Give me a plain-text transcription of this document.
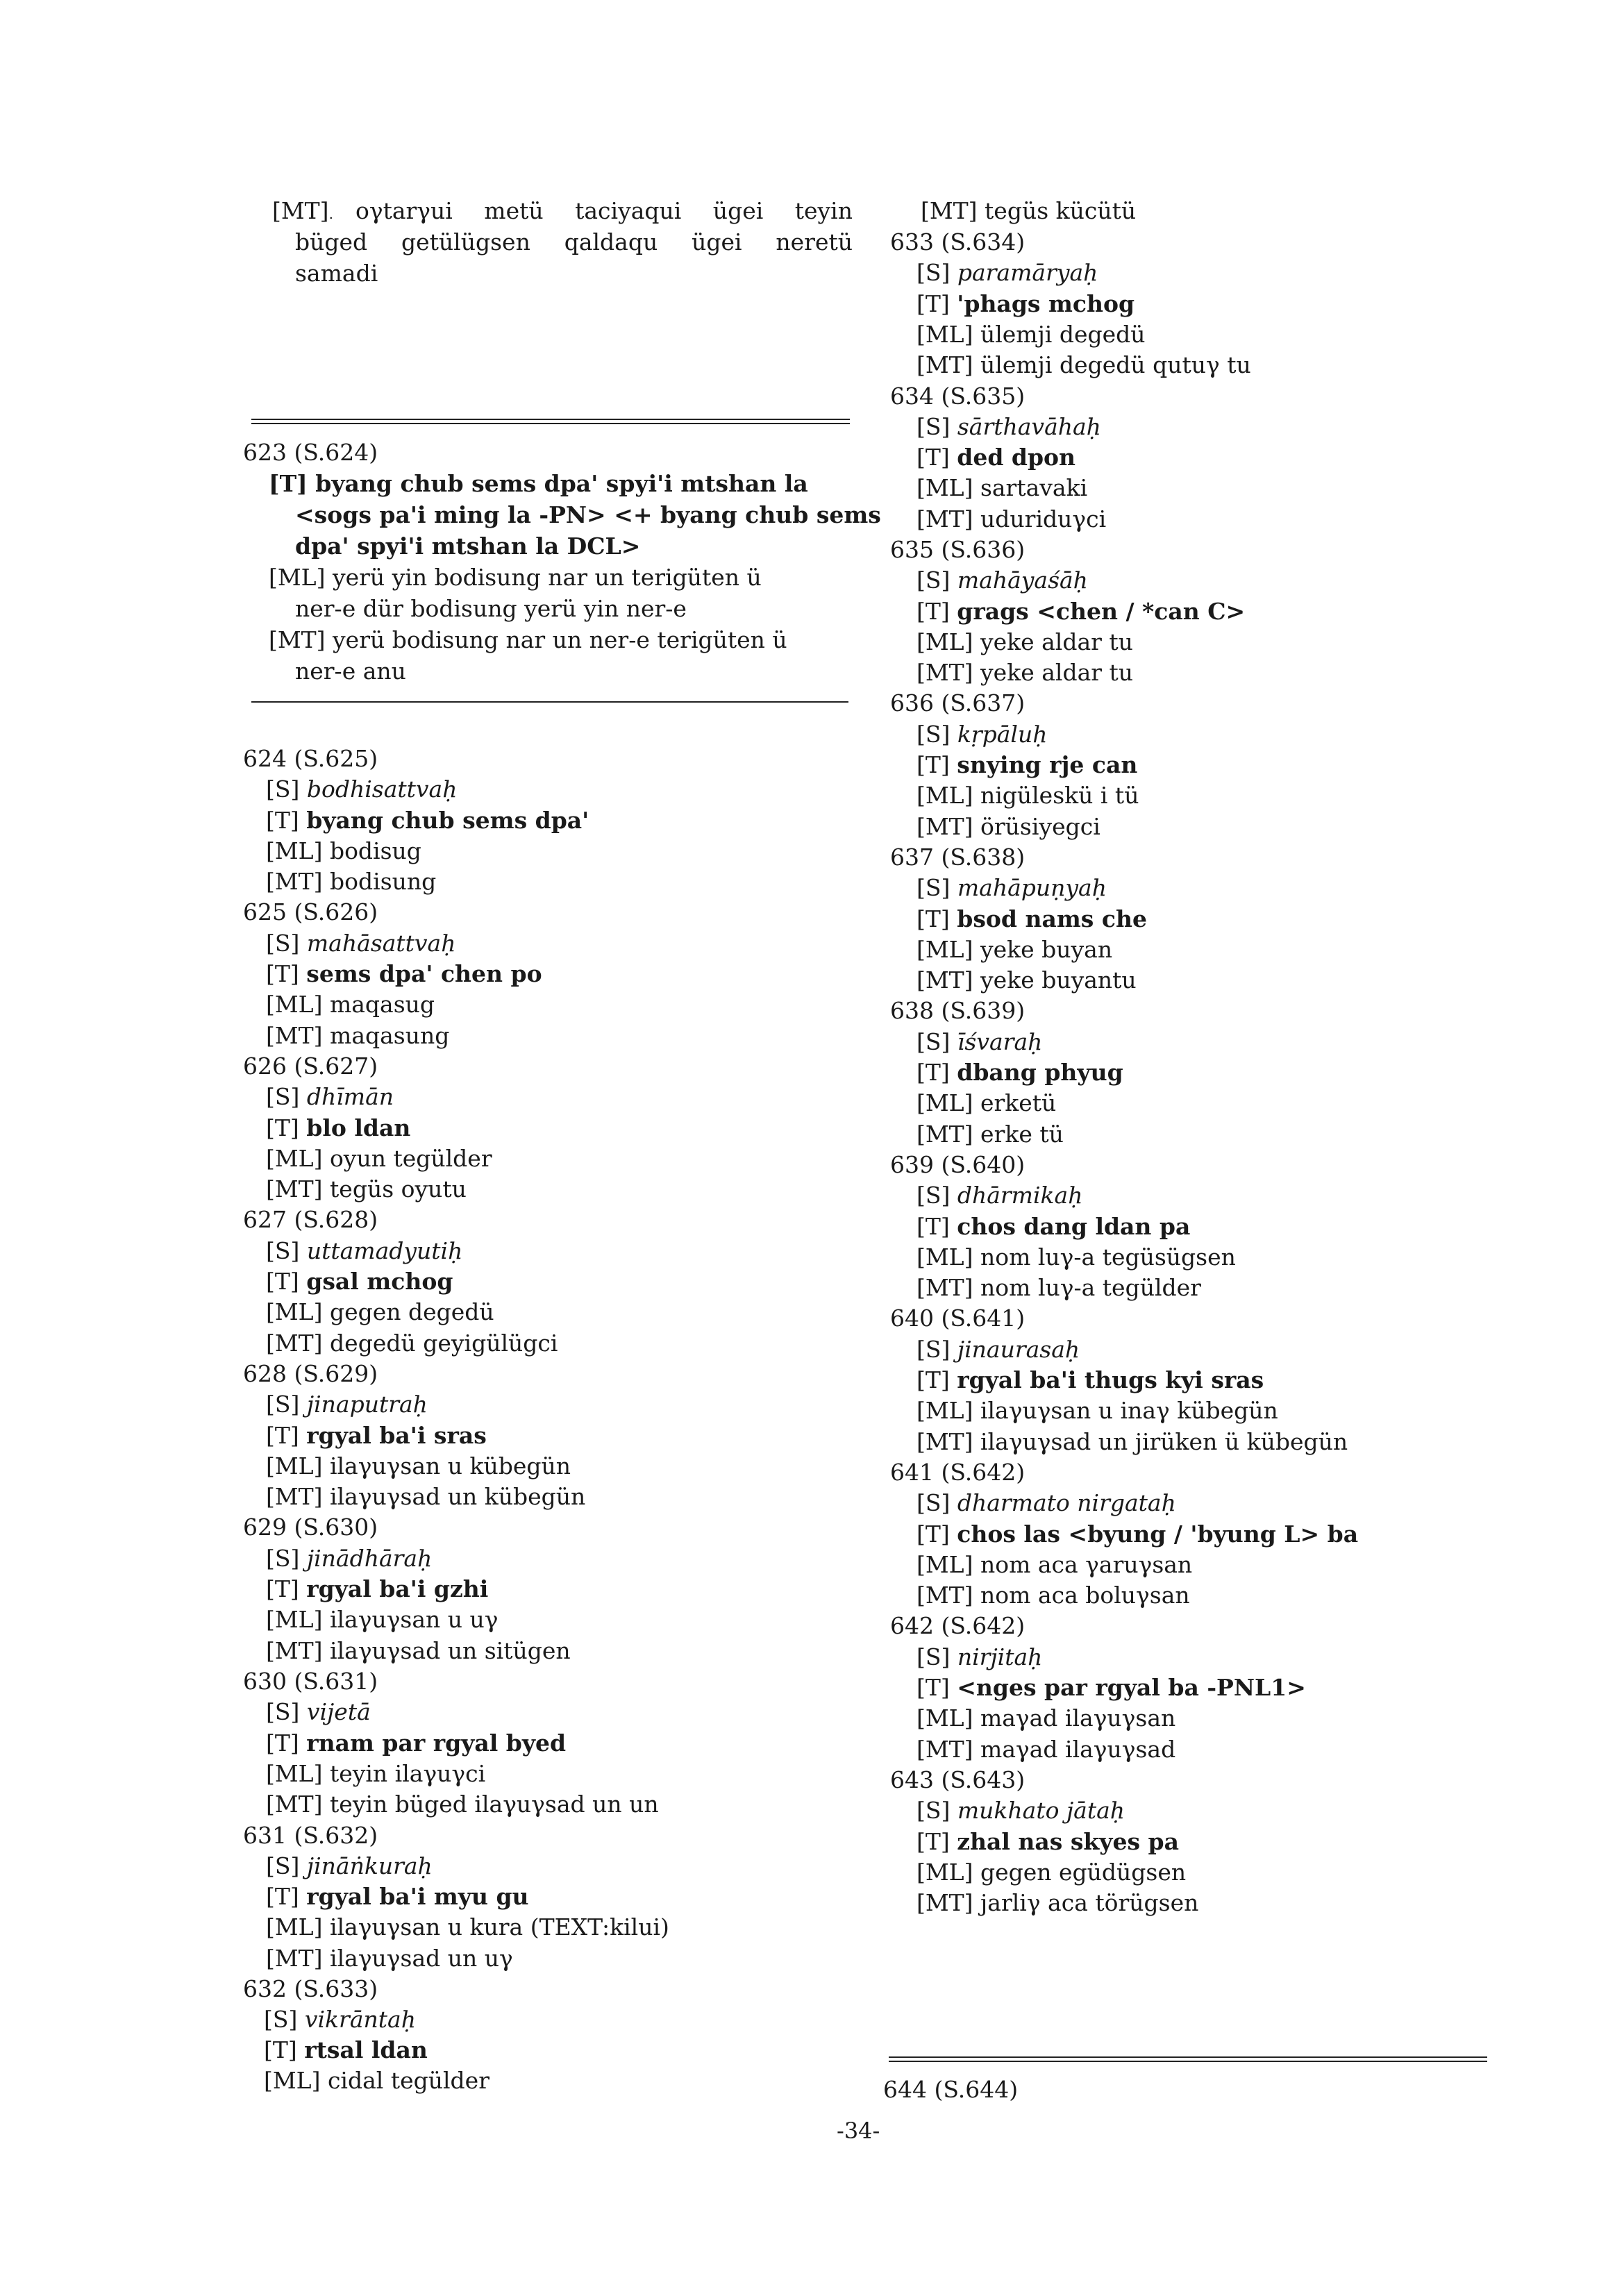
[MT]. oγtarγui metü taciyaqui ügei teyin
büged getülügsen qaldaqu ügei neretü
samadi
623 (S.624)
[T] byang chub sems dpa' spyi'i mtshan la
<sogs pa'i ming la -PN> <+ byang chub sems
dpa' spyi'i mtshan la DCL>
[ML] yerü yin bodisung nar un terigüten ü
ner-e dür bodisung yerü yin ner-e
[MT] yerü bodisung nar un ner-e terigüten ü
ner-e anu
624 (S.625)
[S] bodhisattvaḥ
[T] byang chub sems dpa'
[ML] bodisug
[MT] bodisung
625 (S.626)
[S] mahāsattvaḥ
[T] sems dpa' chen po
[ML] maqasug
[MT] maqasung
626 (S.627)
[S] dhīmān
[T] blo ldan
[ML] oyun tegülder
[MT] tegüs oyutu
627 (S.628)
[S] uttamadyutiḥ
[T] gsal mchog
[ML] gegen degedü
[MT] degedü geyigülügci
628 (S.629)
[S] jinaputraḥ
[T] rgyal ba'i sras
[ML] ilaγuγsan u kübegün
[MT] ilaγuγsad un kübegün
629 (S.630)
[S] jinādhāraḥ
[T] rgyal ba'i gzhi
[ML] ilaγuγsan u uγ
[MT] ilaγuγsad un sitügen
630 (S.631)
[S] vijetā
[T] rnam par rgyal byed
[ML] teyin ilaγuγci
[MT] teyin büged ilaγuγsad un un
631 (S.632)
[S] jināṅkuraḥ
[T] rgyal ba'i myu gu
[ML] ilaγuγsan u kura (TEXT:kilui)
[MT] ilaγuγsad un uγ
632 (S.633)
[S] vikrāntaḥ
[T] rtsal ldan
[ML] cidal tegülder
[MT] tegüs kücütü
633 (S.634)
[S] paramāryaḥ
[T] 'phags mchog
[ML] ülemji degedü
[MT] ülemji degedü qutuγ tu
634 (S.635)
[S] sārthavāhaḥ
[T] ded dpon
[ML] sartavaki
[MT] uduriduγci
635 (S.636)
[S] mahāyaśāḥ
[T] grags <chen / *can C>
[ML] yeke aldar tu
[MT] yeke aldar tu
636 (S.637)
[S] kṛpāluḥ
[T] snying rje can
[ML] nigüleskü i tü
[MT] örüsiyegci
637 (S.638)
[S] mahāpuṇyaḥ
[T] bsod nams che
[ML] yeke buyan
[MT] yeke buyantu
638 (S.639)
[S] īśvaraḥ
[T] dbang phyug
[ML] erketü
[MT] erke tü
639 (S.640)
[S] dhārmikaḥ
[T] chos dang ldan pa
[ML] nom luγ-a tegüsügsen
[MT] nom luγ-a tegülder
640 (S.641)
[S] jinaurasaḥ
[T] rgyal ba'i thugs kyi sras
[ML] ilaγuγsan u inaγ kübegün
[MT] ilaγuγsad un jirüken ü kübegün
641 (S.642)
[S] dharmato nirgataḥ
[T] chos las <byung / 'byung L> ba
[ML] nom aca γaruγsan
[MT] nom aca boluγsan
642 (S.642)
[S] nirjitaḥ
[T] <nges par rgyal ba -PNL1>
[ML] maγad ilaγuγsan
[MT] maγad ilaγuγsad
643 (S.643)
[S] mukhato jātaḥ
[T] zhal nas skyes pa
[ML] gegen egüdügsen
[MT] jarliγ aca törügsen
644 (S.644)
-34-
